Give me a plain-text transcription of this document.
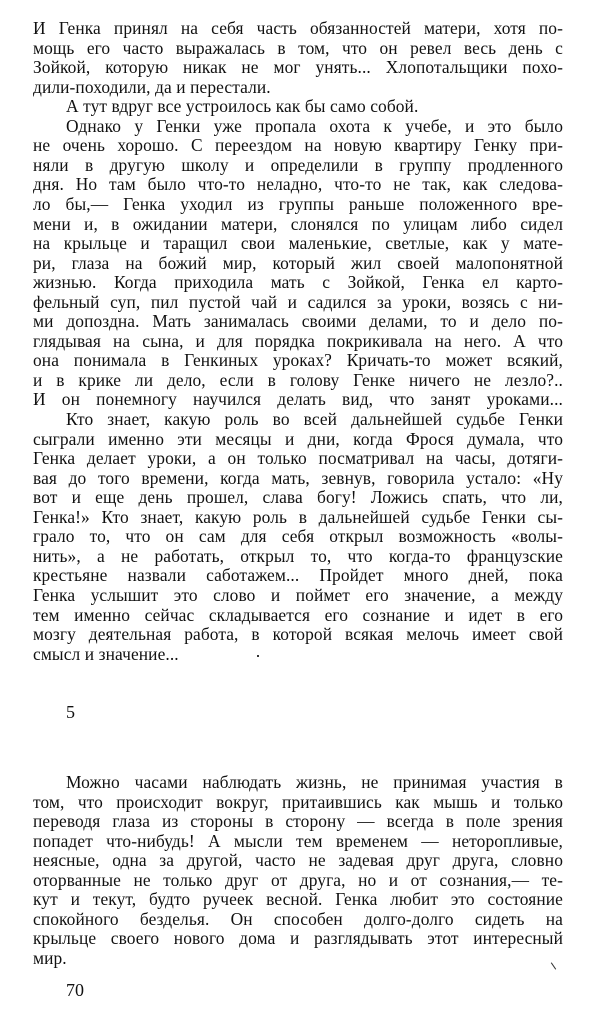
И Генка принял на себя часть обязанностей матери, хотя по-
мощь его часто выражалась в том, что он ревел весь день с
Зойкой, которую никак не мог унять... Хлопотальщики похо-
дили-походили, да и перестали.
А тут вдруг все устроилось как бы само собой.
Однако у Генки уже пропала охота к учебе, и это было
не очень хорошо. С переездом на новую квартиру Генку при-
няли в другую школу и определили в группу продленного
дня. Но там было что-то неладно, что-то не так, как следова-
ло бы,— Генка уходил из группы раньше положенного вре-
мени и, в ожидании матери, слонялся по улицам либо сидел
на крыльце и таращил свои маленькие, светлые, как у мате-
ри, глаза на божий мир, который жил своей малопонятной
жизнью. Когда приходила мать с Зойкой, Генка ел карто-
фельный суп, пил пустой чай и садился за уроки, возясь с ни-
ми допоздна. Мать занималась своими делами, то и дело по-
глядывая на сына, и для порядка покрикивала на него. А что
она понимала в Генкиных уроках? Кричать-то может всякий,
и в крике ли дело, если в голову Генке ничего не лезло?..
И он понемногу научился делать вид, что занят уроками...
Кто знает, какую роль во всей дальнейшей судьбе Генки
сыграли именно эти месяцы и дни, когда Фрося думала, что
Генка делает уроки, а он только посматривал на часы, дотяги-
вая до того времени, когда мать, зевнув, говорила устало: «Ну
вот и еще день прошел, слава богу! Ложись спать, что ли,
Генка!» Кто знает, какую роль в дальнейшей судьбе Генки сы-
грало то, что он сам для себя открыл возможность «волы-
нить», а не работать, открыл то, что когда-то французские
крестьяне назвали саботажем... Пройдет много дней, пока
Генка услышит это слово и поймет его значение, а между
тем именно сейчас складывается его сознание и идет в его
мозгу деятельная работа, в которой всякая мелочь имеет свой
смысл и значение...
5
Можно часами наблюдать жизнь, не принимая участия в
том, что происходит вокруг, притаившись как мышь и только
переводя глаза из стороны в сторону — всегда в поле зрения
попадет что-нибудь! А мысли тем временем — неторопливые,
неясные, одна за другой, часто не задевая друг друга, словно
оторванные не только друг от друга, но и от сознания,— те-
кут и текут, будто ручеек весной. Генка любит это состояние
спокойного безделья. Он способен долго-долго сидеть на
крыльце своего нового дома и разглядывать этот интересный
мир.
70
